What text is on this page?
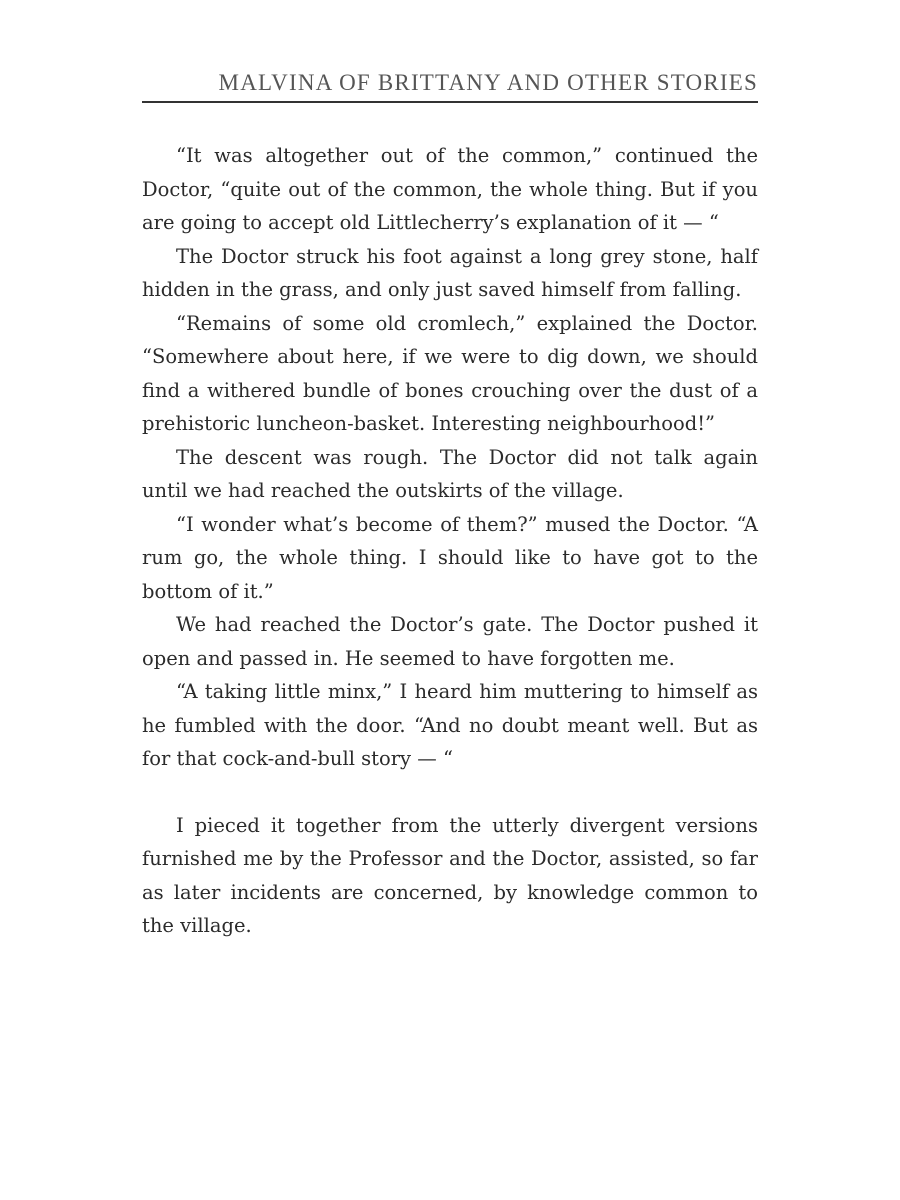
MALVINA OF BRITTANY AND OTHER STORIES

“It was altogether out of the common,” continued the Doctor, “quite out of the common, the whole thing. But if you are going to accept old Littlecherry’s explanation of it — “

The Doctor struck his foot against a long grey stone, half hidden in the grass, and only just saved himself from falling.

“Remains of some old cromlech,” explained the Doctor. “Somewhere about here, if we were to dig down, we should find a withered bundle of bones crouching over the dust of a prehistoric luncheon-basket. Interesting neighbourhood!”

The descent was rough. The Doctor did not talk again until we had reached the outskirts of the village.

“I wonder what’s become of them?” mused the Doctor. “A rum go, the whole thing. I should like to have got to the bottom of it.”

We had reached the Doctor’s gate. The Doctor pushed it open and passed in. He seemed to have forgotten me.

“A taking little minx,” I heard him muttering to himself as he fumbled with the door. “And no doubt meant well. But as for that cock-and-bull story — “

I pieced it together from the utterly divergent versions furnished me by the Professor and the Doctor, assisted, so far as later incidents are concerned, by knowledge common to the village.
